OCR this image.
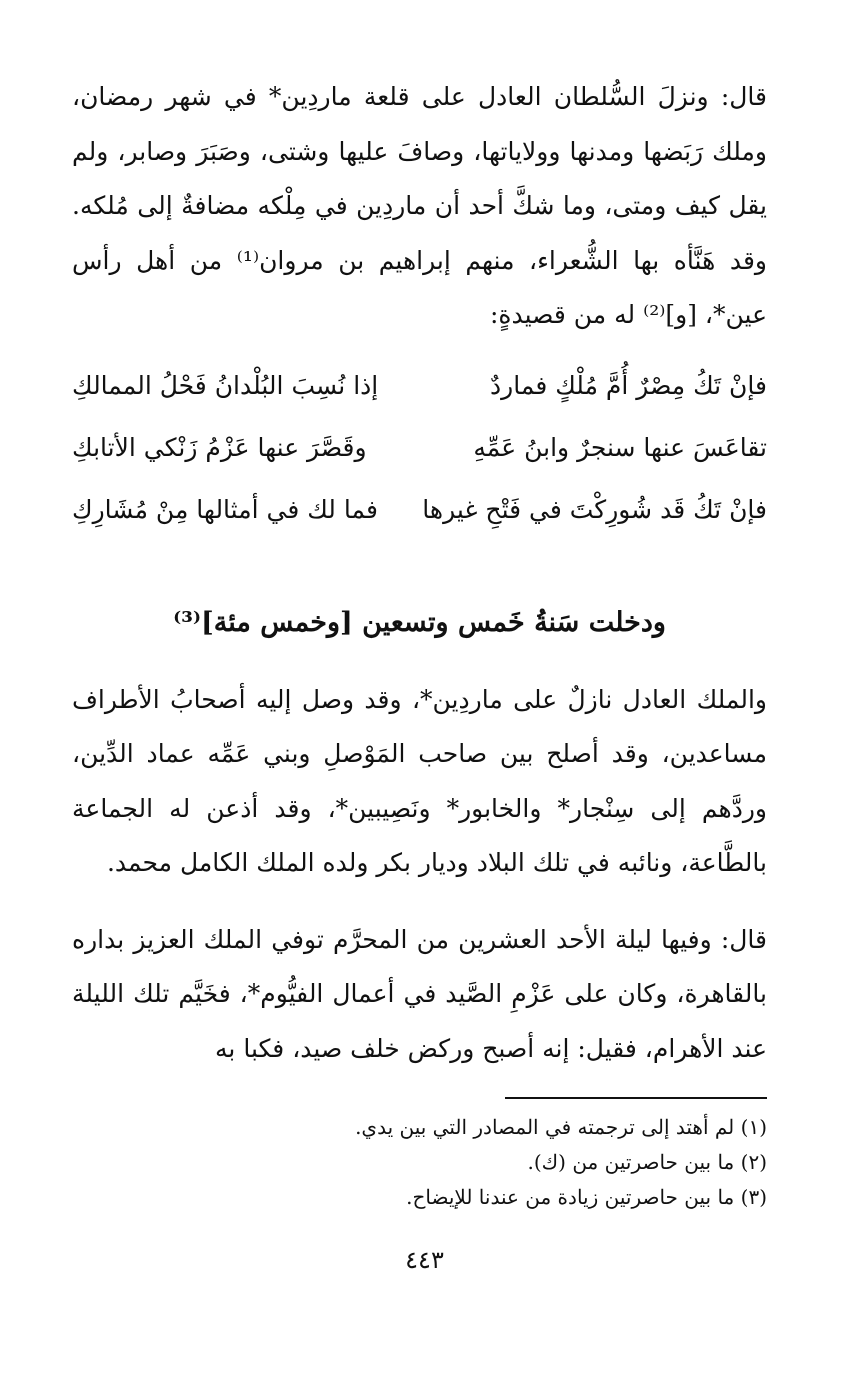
قال: ونزلَ السُّلطان العادل على قلعة ماردِين* في شهر رمضان، وملك رَبَضها ومدنها وولاياتها، وصافَ عليها وشتى، وصَبَرَ وصابر، ولم يقل كيف ومتى، وما شكَّ أحد أن ماردِين في مِلْكه مضافةٌ إلى مُلكه. وقد هَنَّأه بها الشُّعراء، منهم إبراهيم بن مروان⁽¹⁾ من أهل رأس عين*، [و]⁽²⁾ له من قصيدةٍ:

فإنْ تَكُ مِصْرٌ أُمَّ مُلْكٍ فماردٌ
إذا نُسِبَ البُلْدانُ فَحْلُ الممالكِ
تقاعَسَ عنها سنجرٌ وابنُ عَمِّهِ
وقَصَّرَ عنها عَزْمُ زَنْكي الأتابكِ
فإنْ تَكُ قَد شُورِكْتَ في فَتْحِ غيرها
فما لك في أمثالها مِنْ مُشَارِكِ
ودخلت سَنةُ خَمس وتسعين [وخمس مئة]⁽³⁾

والملك العادل نازلٌ على ماردِين*، وقد وصل إليه أصحابُ الأطراف مساعدين، وقد أصلح بين صاحب المَوْصلِ وبني عَمِّه عماد الدِّين، وردَّهم إلى سِنْجار* والخابور* ونَصِيبين*، وقد أذعن له الجماعة بالطَّاعة، ونائبه في تلك البلاد وديار بكر ولده الملك الكامل محمد.

قال: وفيها ليلة الأحد العشرين من المحرَّم توفي الملك العزيز بداره بالقاهرة، وكان على عَزْمِ الصَّيد في أعمال الفيُّوم*، فخَيَّم تلك الليلة عند الأهرام، فقيل: إنه أصبح وركض خلف صيد، فكبا به

(١) لم أهتد إلى ترجمته في المصادر التي بين يدي.

(٢) ما بين حاصرتين من (ك).

(٣) ما بين حاصرتين زيادة من عندنا للإيضاح.

٤٤٣
